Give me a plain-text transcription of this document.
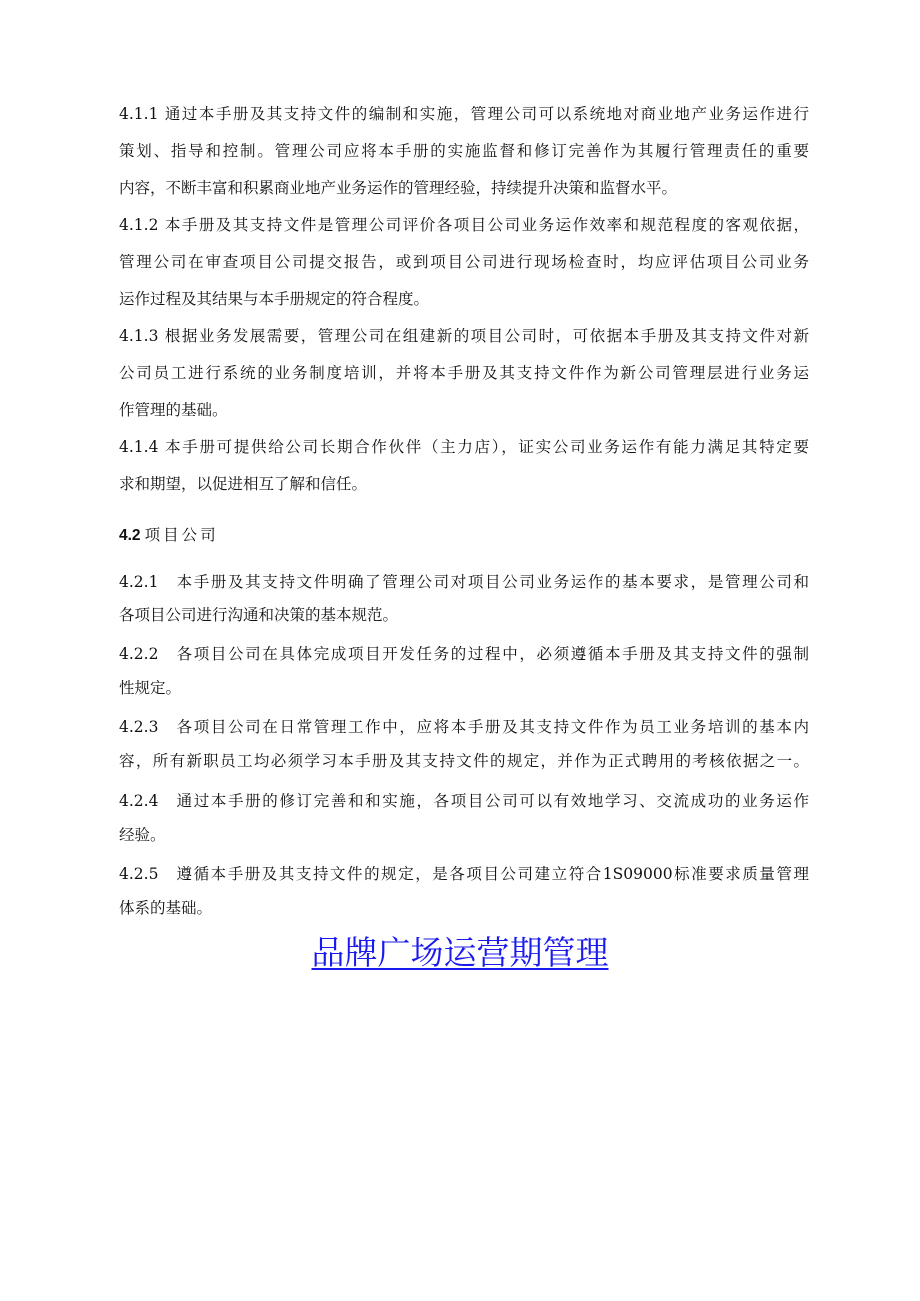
4.1.1 通过本手册及其支持文件的编制和实施，管理公司可以系统地对商业地产业务运作进行
策划、指导和控制。管理公司应将本手册的实施监督和修订完善作为其履行管理责任的重要
内容，不断丰富和积累商业地产业务运作的管理经验，持续提升决策和监督水平。
4.1.2 本手册及其支持文件是管理公司评价各项目公司业务运作效率和规范程度的客观依据，
管理公司在审查项目公司提交报告，或到项目公司进行现场检查时，均应评估项目公司业务
运作过程及其结果与本手册规定的符合程度。
4.1.3 根据业务发展需要，管理公司在组建新的项目公司时，可依据本手册及其支持文件对新
公司员工进行系统的业务制度培训，并将本手册及其支持文件作为新公司管理层进行业务运
作管理的基础。
4.1.4 本手册可提供给公司长期合作伙伴（主力店），证实公司业务运作有能力满足其特定要
求和期望，以促进相互了解和信任。
4.2 项目公司
4.2.1 本手册及其支持文件明确了管理公司对项目公司业务运作的基本要求，是管理公司和
各项目公司进行沟通和决策的基本规范。
4.2.2 各项目公司在具体完成项目开发任务的过程中，必须遵循本手册及其支持文件的强制
性规定。
4.2.3 各项目公司在日常管理工作中，应将本手册及其支持文件作为员工业务培训的基本内
容，所有新职员工均必须学习本手册及其支持文件的规定，并作为正式聘用的考核依据之一。
4.2.4 通过本手册的修订完善和和实施，各项目公司可以有效地学习、交流成功的业务运作
经验。
4.2.5 遵循本手册及其支持文件的规定，是各项目公司建立符合1S09000标准要求质量管理
体系的基础。
品牌广场运营期管理
